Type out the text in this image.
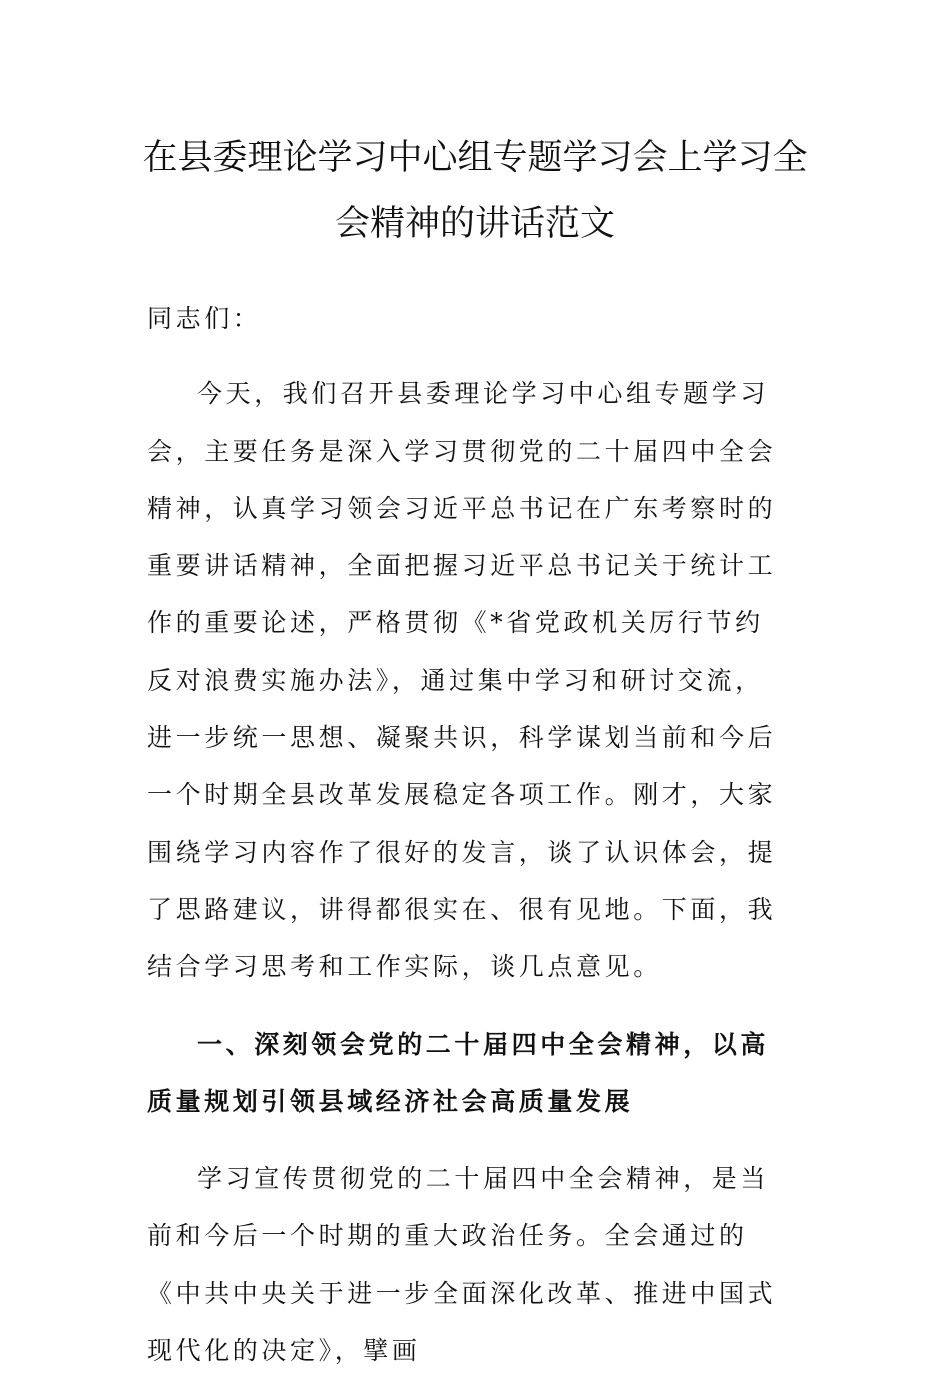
在县委理论学习中心组专题学习会上学习全会精神的讲话范文

同志们：

今天，我们召开县委理论学习中心组专题学习会，主要任务是深入学习贯彻党的二十届四中全会精神，认真学习领会习近平总书记在广东考察时的重要讲话精神，全面把握习近平总书记关于统计工作的重要论述，严格贯彻《*省党政机关厉行节约反对浪费实施办法》，通过集中学习和研讨交流，进一步统一思想、凝聚共识，科学谋划当前和今后一个时期全县改革发展稳定各项工作。刚才，大家围绕学习内容作了很好的发言，谈了认识体会，提了思路建议，讲得都很实在、很有见地。下面，我结合学习思考和工作实际，谈几点意见。

一、深刻领会党的二十届四中全会精神，以高质量规划引领县域经济社会高质量发展

学习宣传贯彻党的二十届四中全会精神，是当前和今后一个时期的重大政治任务。全会通过的《中共中央关于进一步全面深化改革、推进中国式现代化的决定》，擘画
